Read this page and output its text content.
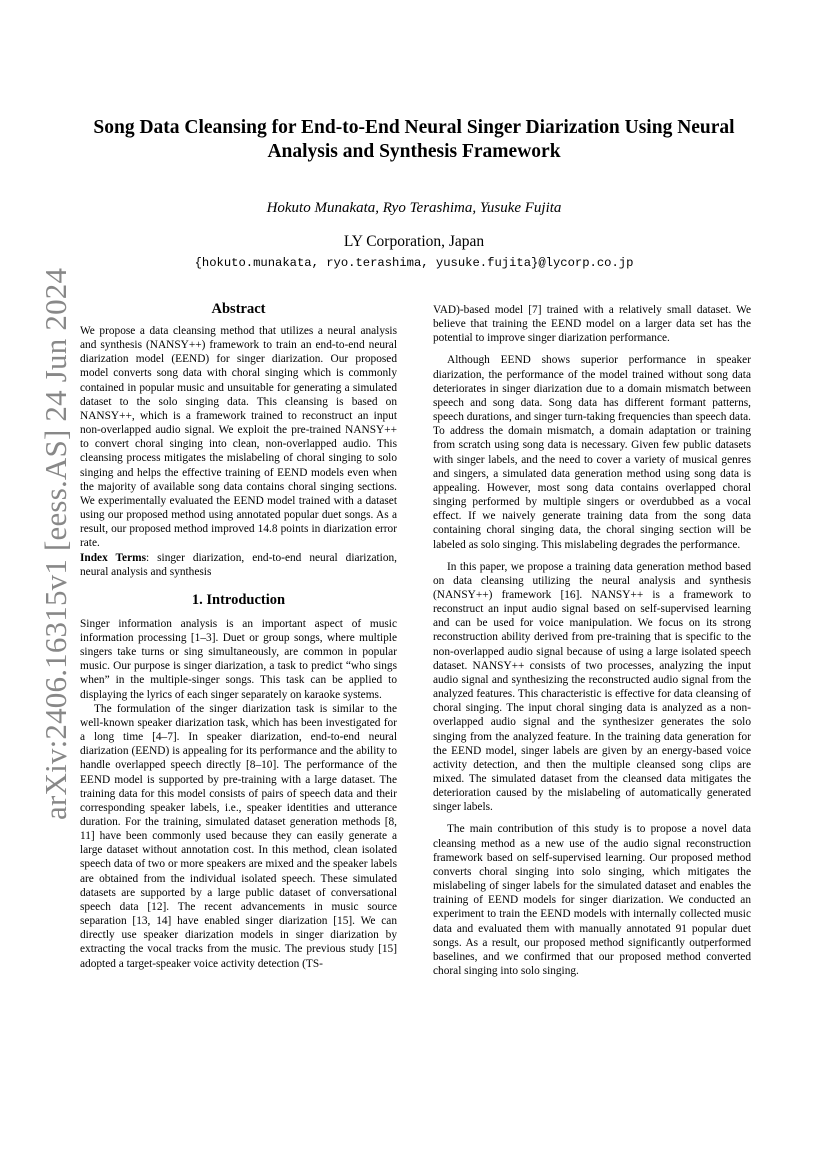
arXiv:2406.16315v1 [eess.AS] 24 Jun 2024
Song Data Cleansing for End-to-End Neural Singer Diarization Using Neural Analysis and Synthesis Framework
Hokuto Munakata, Ryo Terashima, Yusuke Fujita
LY Corporation, Japan
{hokuto.munakata, ryo.terashima, yusuke.fujita}@lycorp.co.jp

Abstract

We propose a data cleansing method that utilizes a neural analysis and synthesis (NANSY++) framework to train an end-to-end neural diarization model (EEND) for singer diarization. Our proposed model converts song data with choral singing which is commonly contained in popular music and unsuitable for generating a simulated dataset to the solo singing data. This cleansing is based on NANSY++, which is a framework trained to reconstruct an input non-overlapped audio signal. We exploit the pre-trained NANSY++ to convert choral singing into clean, non-overlapped audio. This cleansing process mitigates the mislabeling of choral singing to solo singing and helps the effective training of EEND models even when the majority of available song data contains choral singing sections. We experimentally evaluated the EEND model trained with a dataset using our proposed method using annotated popular duet songs. As a result, our proposed method improved 14.8 points in diarization error rate.

Index Terms: singer diarization, end-to-end neural diarization, neural analysis and synthesis

1. Introduction

Singer information analysis is an important aspect of music information processing [1–3]. Duet or group songs, where multiple singers take turns or sing simultaneously, are common in popular music. Our purpose is singer diarization, a task to predict “who sings when” in the multiple-singer songs. This task can be applied to displaying the lyrics of each singer separately on karaoke systems.

The formulation of the singer diarization task is similar to the well-known speaker diarization task, which has been investigated for a long time [4–7]. In speaker diarization, end-to-end neural diarization (EEND) is appealing for its performance and the ability to handle overlapped speech directly [8–10]. The performance of the EEND model is supported by pre-training with a large dataset. The training data for this model consists of pairs of speech data and their corresponding speaker labels, i.e., speaker identities and utterance duration. For the training, simulated dataset generation methods [8, 11] have been commonly used because they can easily generate a large dataset without annotation cost. In this method, clean isolated speech data of two or more speakers are mixed and the speaker labels are obtained from the individual isolated speech. These simulated datasets are supported by a large public dataset of conversational speech data [12]. The recent advancements in music source separation [13, 14] have enabled singer diarization [15]. We can directly use speaker diarization models in singer diarization by extracting the vocal tracks from the music. The previous study [15] adopted a target-speaker voice activity detection (TS-

VAD)-based model [7] trained with a relatively small dataset. We believe that training the EEND model on a larger data set has the potential to improve singer diarization performance.

Although EEND shows superior performance in speaker diarization, the performance of the model trained without song data deteriorates in singer diarization due to a domain mismatch between speech and song data. Song data has different formant patterns, speech durations, and singer turn-taking frequencies than speech data. To address the domain mismatch, a domain adaptation or training from scratch using song data is necessary. Given few public datasets with singer labels, and the need to cover a variety of musical genres and singers, a simulated data generation method using song data is appealing. However, most song data contains overlapped choral singing performed by multiple singers or overdubbed as a vocal effect. If we naively generate training data from the song data containing choral singing data, the choral singing section will be labeled as solo singing. This mislabeling degrades the performance.

In this paper, we propose a training data generation method based on data cleansing utilizing the neural analysis and synthesis (NANSY++) framework [16]. NANSY++ is a framework to reconstruct an input audio signal based on self-supervised learning and can be used for voice manipulation. We focus on its strong reconstruction ability derived from pre-training that is specific to the non-overlapped audio signal because of using a large isolated speech dataset. NANSY++ consists of two processes, analyzing the input audio signal and synthesizing the reconstructed audio signal from the analyzed features. This characteristic is effective for data cleansing of choral singing. The input choral singing data is analyzed as a non-overlapped audio signal and the synthesizer generates the solo singing from the analyzed feature. In the training data generation for the EEND model, singer labels are given by an energy-based voice activity detection, and then the multiple cleansed song clips are mixed. The simulated dataset from the cleansed data mitigates the deterioration caused by the mislabeling of automatically generated singer labels.

The main contribution of this study is to propose a novel data cleansing method as a new use of the audio signal reconstruction framework based on self-supervised learning. Our proposed method converts choral singing into solo singing, which mitigates the mislabeling of singer labels for the simulated dataset and enables the training of EEND models for singer diarization. We conducted an experiment to train the EEND models with internally collected music data and evaluated them with manually annotated 91 popular duet songs. As a result, our proposed method significantly outperformed baselines, and we confirmed that our proposed method converted choral singing into solo singing.
